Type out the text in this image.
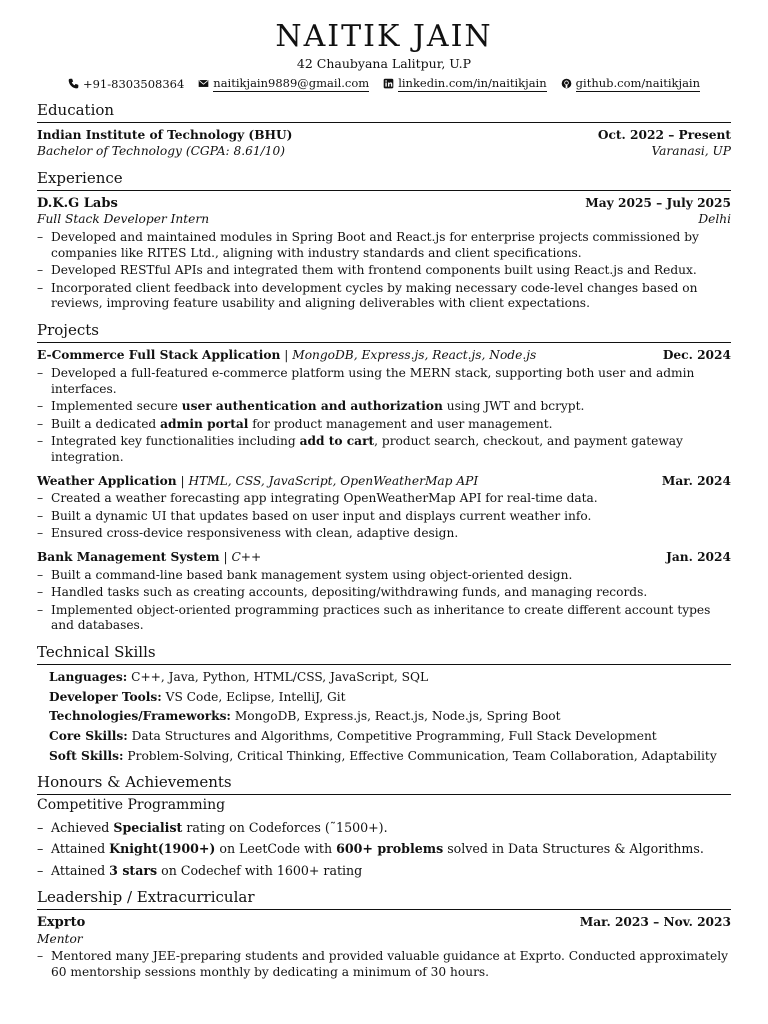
NAITIK JAIN
42 Chaubyana Lalitpur, U.P
+91-8303508364	naitikjain9889@gmail.com	linkedin.com/in/naitikjain	github.com/naitikjain
Education
Indian Institute of Technology (BHU)	Oct. 2022 – Present
Bachelor of Technology (CGPA: 8.61/10)	Varanasi, UP
Experience
D.K.G Labs	May 2025 – July 2025
Full Stack Developer Intern	Delhi
– Developed and maintained modules in Spring Boot and React.js for enterprise projects commissioned by companies like RITES Ltd., aligning with industry standards and client specifications.
– Developed RESTful APIs and integrated them with frontend components built using React.js and Redux.
– Incorporated client feedback into development cycles by making necessary code-level changes based on reviews, improving feature usability and aligning deliverables with client expectations.
Projects
E-Commerce Full Stack Application | MongoDB, Express.js, React.js, Node.js	Dec. 2024
– Developed a full-featured e-commerce platform using the MERN stack, supporting both user and admin interfaces.
– Implemented secure user authentication and authorization using JWT and bcrypt.
– Built a dedicated admin portal for product management and user management.
– Integrated key functionalities including add to cart, product search, checkout, and payment gateway integration.
Weather Application | HTML, CSS, JavaScript, OpenWeatherMap API	Mar. 2024
– Created a weather forecasting app integrating OpenWeatherMap API for real-time data.
– Built a dynamic UI that updates based on user input and displays current weather info.
– Ensured cross-device responsiveness with clean, adaptive design.
Bank Management System | C++	Jan. 2024
– Built a command-line based bank management system using object-oriented design.
– Handled tasks such as creating accounts, depositing/withdrawing funds, and managing records.
– Implemented object-oriented programming practices such as inheritance to create different account types and databases.
Technical Skills
Languages: C++, Java, Python, HTML/CSS, JavaScript, SQL
Developer Tools: VS Code, Eclipse, IntelliJ, Git
Technologies/Frameworks: MongoDB, Express.js, React.js, Node.js, Spring Boot
Core Skills: Data Structures and Algorithms, Competitive Programming, Full Stack Development
Soft Skills: Problem-Solving, Critical Thinking, Effective Communication, Team Collaboration, Adaptability
Honours & Achievements
Competitive Programming
– Achieved Specialist rating on Codeforces (˜1500+).
– Attained Knight(1900+) on LeetCode with 600+ problems solved in Data Structures & Algorithms.
– Attained 3 stars on Codechef with 1600+ rating
Leadership / Extracurricular
Exprto	Mar. 2023 – Nov. 2023
Mentor
– Mentored many JEE-preparing students and provided valuable guidance at Exprto. Conducted approximately 60 mentorship sessions monthly by dedicating a minimum of 30 hours.
